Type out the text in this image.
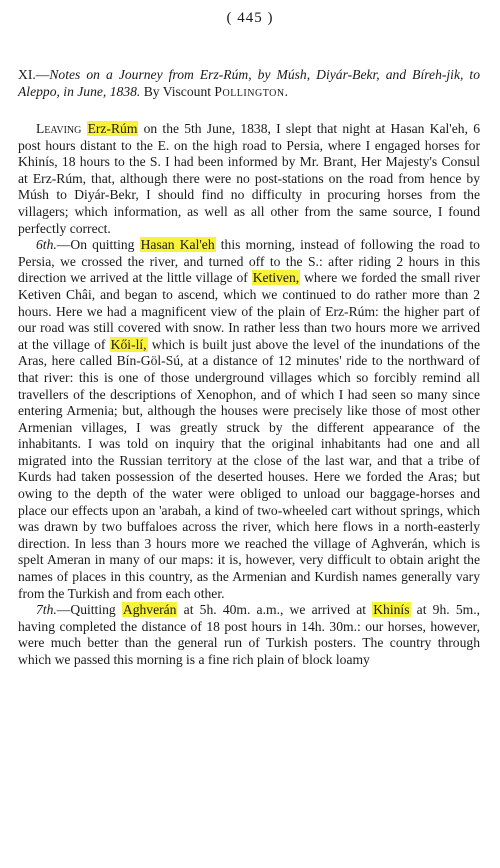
( 445 )
XI.—Notes on a Journey from Erz-Rúm, by Músh, Diyár-Bekr, and Bíreh-jik, to Aleppo, in June, 1838. By Viscount Pollington.

Leaving Erz-Rúm on the 5th June, 1838, I slept that night at Hasan Kal'eh, 6 post hours distant to the E. on the high road to Persia, where I engaged horses for Khinís, 18 hours to the S. I had been informed by Mr. Brant, Her Majesty's Consul at Erz-Rúm, that, although there were no post-stations on the road from hence by Músh to Diyár-Bekr, I should find no difficulty in procuring horses from the villagers; which information, as well as all other from the same source, I found perfectly correct.

6th.—On quitting Hasan Kal'eh this morning, instead of following the road to Persia, we crossed the river, and turned off to the S.: after riding 2 hours in this direction we arrived at the little village of Ketiven, where we forded the small river Ketiven Châi, and began to ascend, which we continued to do rather more than 2 hours. Here we had a magnificent view of the plain of Erz-Rúm: the higher part of our road was still covered with snow. In rather less than two hours more we arrived at the village of Kői-lí, which is built just above the level of the inundations of the Aras, here called Bín-Göl-Sú, at a distance of 12 minutes' ride to the northward of that river: this is one of those underground villages which so forcibly remind all travellers of the descriptions of Xenophon, and of which I had seen so many since entering Armenia; but, although the houses were precisely like those of most other Armenian villages, I was greatly struck by the different appearance of the inhabitants. I was told on inquiry that the original inhabitants had one and all migrated into the Russian territory at the close of the last war, and that a tribe of Kurds had taken possession of the deserted houses. Here we forded the Aras; but owing to the depth of the water were obliged to unload our baggage-horses and place our effects upon an 'arabah, a kind of two-wheeled cart without springs, which was drawn by two buffaloes across the river, which here flows in a north-easterly direction. In less than 3 hours more we reached the village of Aghverán, which is spelt Ameran in many of our maps: it is, however, very difficult to obtain aright the names of places in this country, as the Armenian and Kurdish names generally vary from the Turkish and from each other.

7th.—Quitting Aghverán at 5h. 40m. a.m., we arrived at Khinís at 9h. 5m., having completed the distance of 18 post hours in 14h. 30m.: our horses, however, were much better than the general run of Turkish posters. The country through which we passed this morning is a fine rich plain of block loamy
